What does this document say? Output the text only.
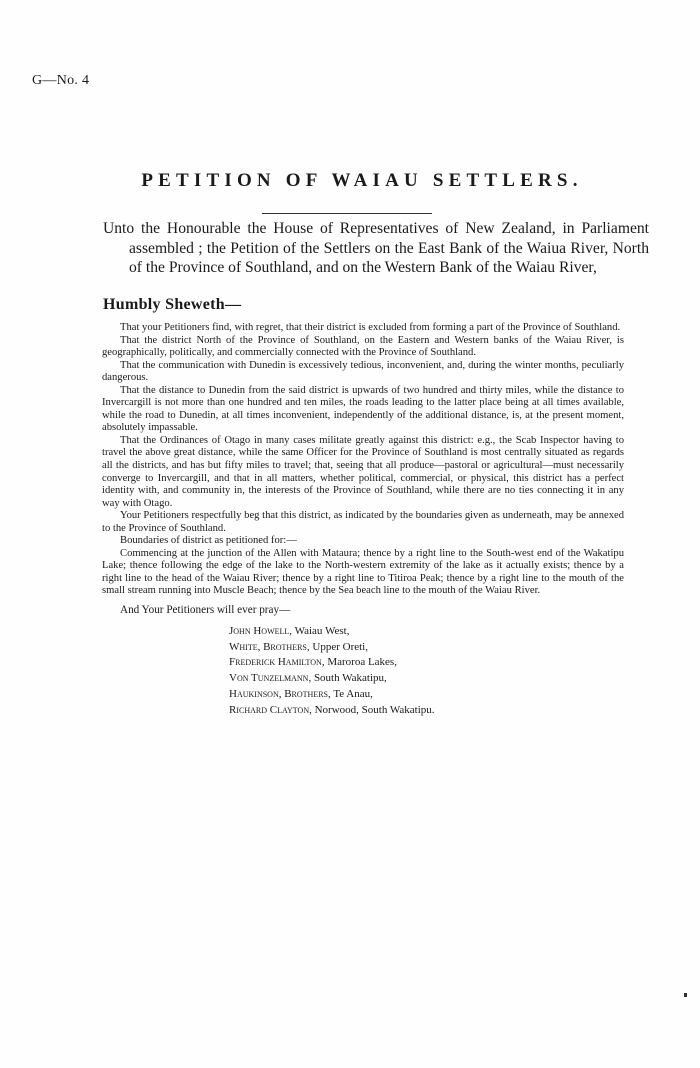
G—No. 4
PETITION OF WAIAU SETTLERS.
Unto the Honourable the House of Representatives of New Zealand, in Parliament assembled ; the Petition of the Settlers on the East Bank of the Waiua River, North of the Province of Southland, and on the Western Bank of the Waiau River,
Humbly Sheweth—

That your Petitioners find, with regret, that their district is excluded from forming a part of the Province of Southland.

That the district North of the Province of Southland, on the Eastern and Western banks of the Waiau River, is geographically, politically, and commercially connected with the Province of Southland.

That the communication with Dunedin is excessively tedious, inconvenient, and, during the winter months, peculiarly dangerous.

That the distance to Dunedin from the said district is upwards of two hundred and thirty miles, while the distance to Invercargill is not more than one hundred and ten miles, the roads leading to the latter place being at all times available, while the road to Dunedin, at all times inconvenient, independently of the additional distance, is, at the present moment, absolutely impassable.

That the Ordinances of Otago in many cases militate greatly against this district: e.g., the Scab Inspector having to travel the above great distance, while the same Officer for the Province of Southland is most centrally situated as regards all the districts, and has but fifty miles to travel; that, seeing that all produce—pastoral or agricultural—must necessarily converge to Invercargill, and that in all matters, whether political, commercial, or physical, this district has a perfect identity with, and community in, the interests of the Province of Southland, while there are no ties connecting it in any way with Otago.

Your Petitioners respectfully beg that this district, as indicated by the boundaries given as underneath, may be annexed to the Province of Southland.

Boundaries of district as petitioned for:—

Commencing at the junction of the Allen with Mataura; thence by a right line to the South-west end of the Wakatipu Lake; thence following the edge of the lake to the North-western extremity of the lake as it actually exists; thence by a right line to the head of the Waiau River; thence by a right line to Titiroa Peak; thence by a right line to the mouth of the small stream running into Muscle Beach; thence by the Sea beach line to the mouth of the Waiau River.

And Your Petitioners will ever pray—
John Howell, Waiau West,
White, Brothers, Upper Oreti,
Frederick Hamilton, Maroroa Lakes,
Von Tunzelmann, South Wakatipu,
Haukinson, Brothers, Te Anau,
Richard Clayton, Norwood, South Wakatipu.
